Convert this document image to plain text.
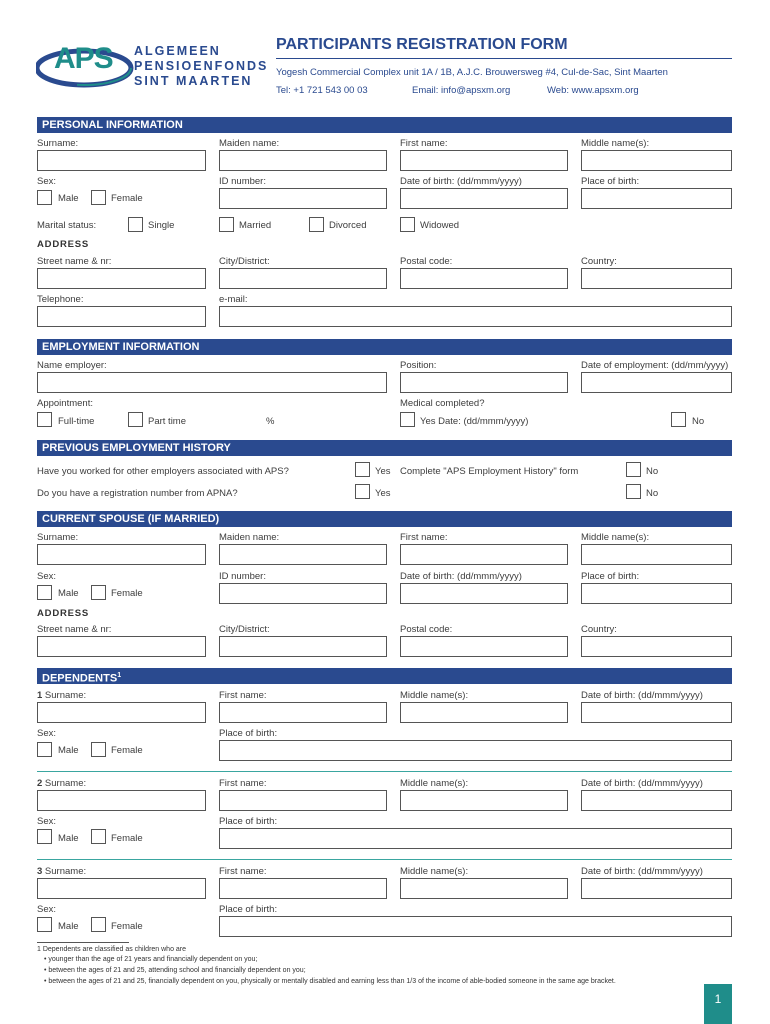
APS ALGEMEEN
PENSIOENFONDS
SINT MAARTEN
PARTICIPANTS REGISTRATION FORM
Yogesh Commercial Complex unit 1A / 1B, A.J.C. Brouwersweg #4, Cul-de-Sac, Sint Maarten
Tel: +1 721 543 00 03	Email: info@apsxm.org	Web: www.apsxm.org
PERSONAL INFORMATION
Surname:	Maiden name:	First name:	Middle name(s):
Sex:
Male	Female
ID number:	Date of birth: (dd/mmm/yyyy)	Place of birth:
Marital status:	Single	Married	Divorced	Widowed
ADDRESS
Street name & nr:	City/District:	Postal code:	Country:
Telephone:	e-mail:
EMPLOYMENT INFORMATION
Name employer:	Position:	Date of employment: (dd/mm/yyyy)
Appointment:	Medical completed?
Full-time	Part time	%	Yes Date: (dd/mmm/yyyy)	No
PREVIOUS EMPLOYMENT HISTORY
Have you worked for other employers associated with APS?	Yes Complete "APS Employment History" form	No
Do you have a registration number from APNA?	Yes	No
CURRENT SPOUSE (IF MARRIED)
Surname:	Maiden name:	First name:	Middle name(s):
Sex:
Male	Female
ID number:	Date of birth: (dd/mmm/yyyy)	Place of birth:
ADDRESS
Street name & nr:	City/District:	Postal code:	Country:
DEPENDENTS$^1$
1 Surname:	First name:	Middle name(s):	Date of birth: (dd/mmm/yyyy)
Sex:
Male	Female
Place of birth:
2 Surname:	First name:	Middle name(s):	Date of birth: (dd/mmm/yyyy)
Sex:
Male	Female
Place of birth:
3 Surname:	First name:	Middle name(s):	Date of birth: (dd/mmm/yyyy)
Sex:
Male	Female
Place of birth:
1 Dependents are classified as children who are
• younger than the age of 21 years and financially dependent on you;
• between the ages of 21 and 25, attending school and financially dependent on you;
• between the ages of 21 and 25, financially dependent on you, physically or mentally disabled and earning less than 1/3 of the income of able-bodied someone in the same age bracket.
1
